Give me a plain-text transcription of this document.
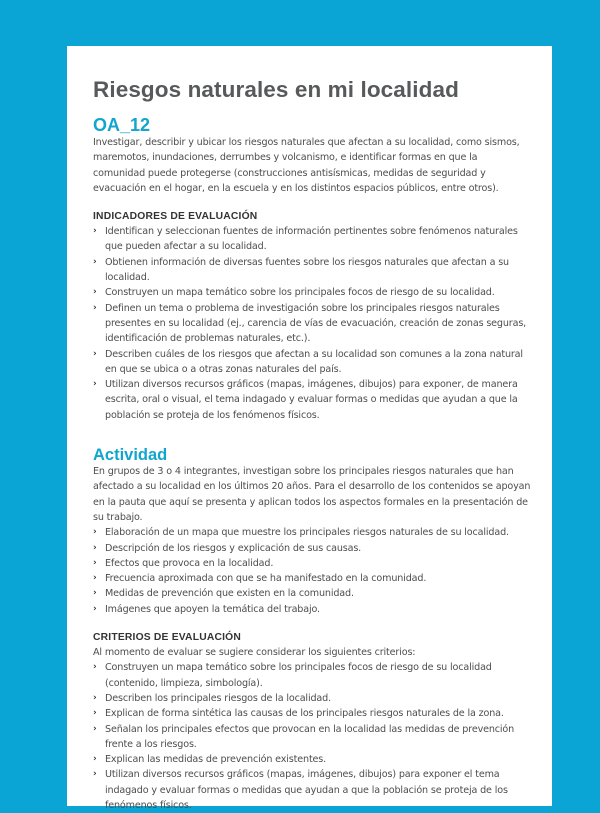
Riesgos naturales en mi localidad
OA_12

Investigar, describir y ubicar los riesgos naturales que afectan a su localidad, como sismos, maremotos, inundaciones, derrumbes y volcanismo, e identificar formas en que la comunidad puede protegerse (construcciones antisísmicas, medidas de seguridad y evacuación en el hogar, en la escuela y en los distintos espacios públicos, entre otros).

INDICADORES DE EVALUACIÓN
› Identifican y seleccionan fuentes de información pertinentes sobre fenómenos naturales que pueden afectar a su localidad.
› Obtienen información de diversas fuentes sobre los riesgos naturales que afectan a su localidad.
› Construyen un mapa temático sobre los principales focos de riesgo de su localidad.
› Definen un tema o problema de investigación sobre los principales riesgos naturales presentes en su localidad (ej., carencia de vías de evacuación, creación de zonas seguras, identificación de problemas naturales, etc.).
› Describen cuáles de los riesgos que afectan a su localidad son comunes a la zona natural en que se ubica o a otras zonas naturales del país.
› Utilizan diversos recursos gráficos (mapas, imágenes, dibujos) para exponer, de manera escrita, oral o visual, el tema indagado y evaluar formas o medidas que ayudan a que la población se proteja de los fenómenos físicos.
Actividad

En grupos de 3 o 4 integrantes, investigan sobre los principales riesgos naturales que han afectado a su localidad en los últimos 20 años. Para el desarrollo de los contenidos se apoyan en la pauta que aquí se presenta y aplican todos los aspectos formales en la presentación de su trabajo.

› Elaboración de un mapa que muestre los principales riesgos naturales de su localidad.
› Descripción de los riesgos y explicación de sus causas.
› Efectos que provoca en la localidad.
› Frecuencia aproximada con que se ha manifestado en la comunidad.
› Medidas de prevención que existen en la comunidad.
› Imágenes que apoyen la temática del trabajo.
CRITERIOS DE EVALUACIÓN

Al momento de evaluar se sugiere considerar los siguientes criterios:

› Construyen un mapa temático sobre los principales focos de riesgo de su localidad (contenido, limpieza, simbología).
› Describen los principales riesgos de la localidad.
› Explican de forma sintética las causas de los principales riesgos naturales de la zona.
› Señalan los principales efectos que provocan en la localidad las medidas de prevención frente a los riesgos.
› Explican las medidas de prevención existentes.
› Utilizan diversos recursos gráficos (mapas, imágenes, dibujos) para exponer el tema indagado y evaluar formas o medidas que ayudan a que la población se proteja de los fenómenos físicos.
